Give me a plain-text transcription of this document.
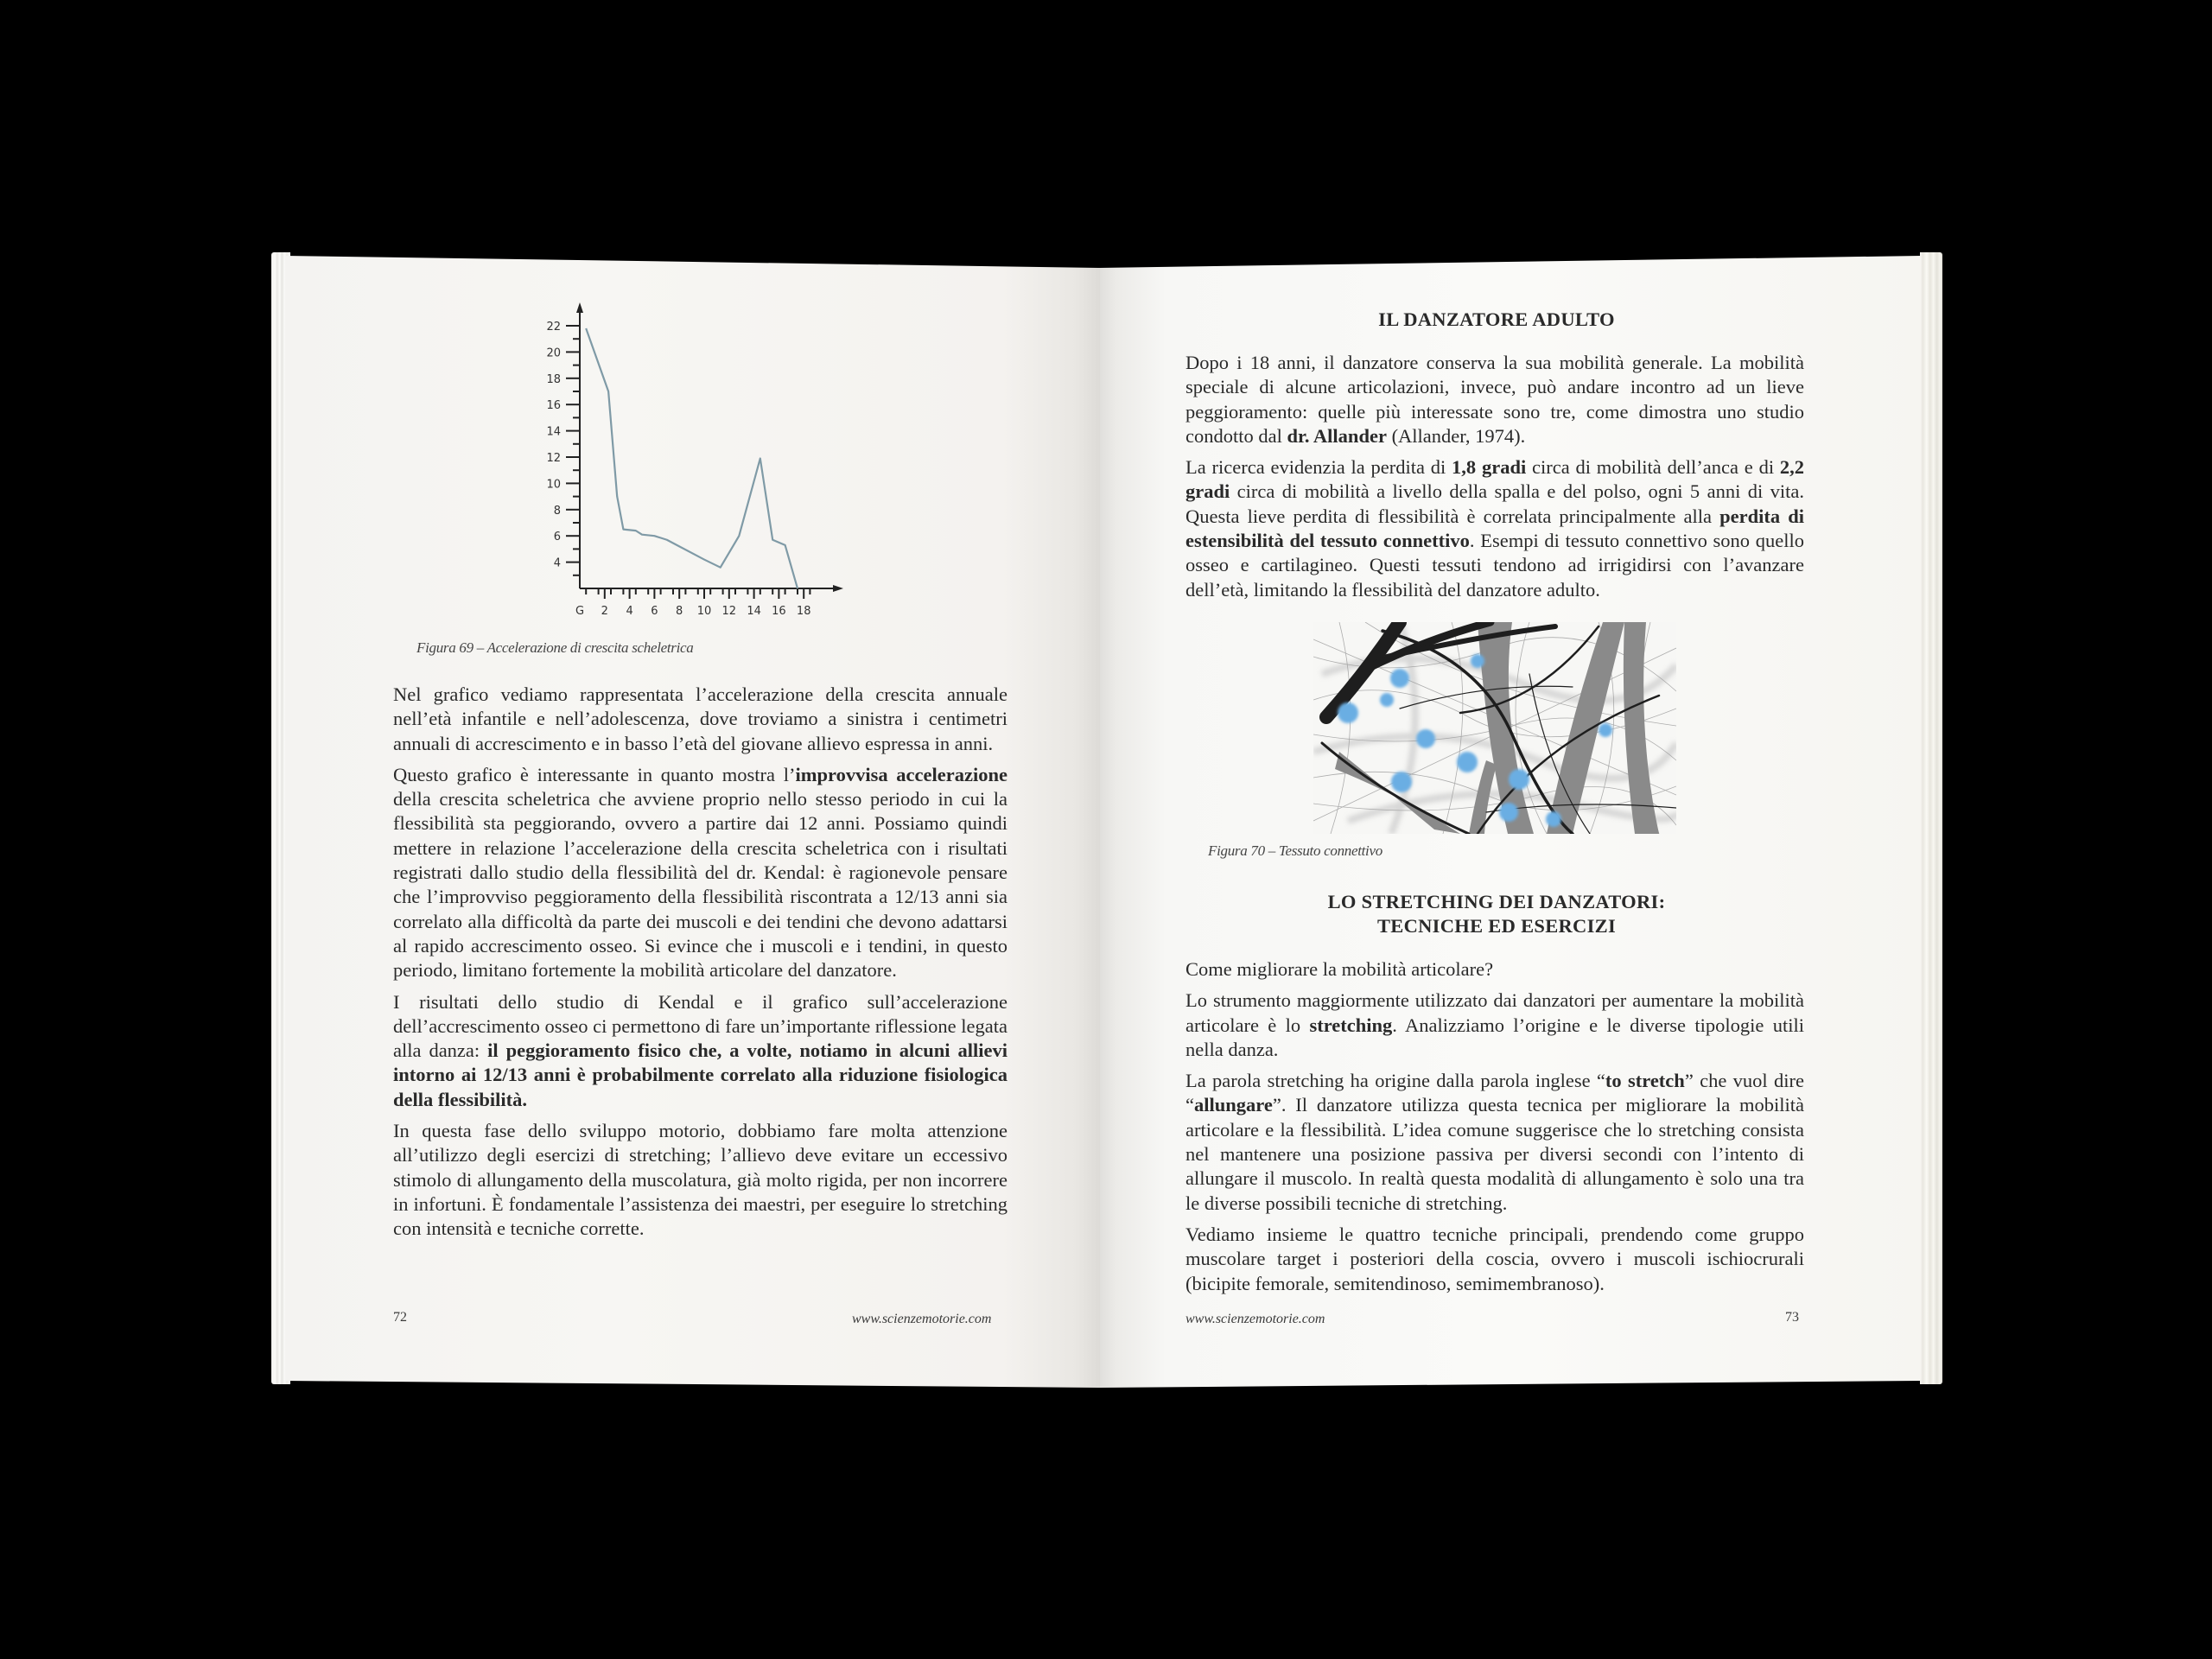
4
6
8
10
12
14
16
18
20
22
G 2 4 6 8 10 12 14 16 18
Figura 69 – Accelerazione di crescita scheletrica

Nel grafico vediamo rappresentata l’accelerazione della crescita annuale nell’età infantile e nell’adolescenza, dove troviamo a sinistra i centimetri annuali di accrescimento e in basso l’età del giovane allievo espressa in anni.

Questo grafico è interessante in quanto mostra l’improvvisa accelerazione della crescita scheletrica che avviene proprio nello stesso periodo in cui la flessibilità sta peggiorando, ovvero a partire dai 12 anni. Possiamo quindi mettere in relazione l’accelerazione della crescita scheletrica con i risultati registrati dallo studio della flessibilità del dr. Kendal: è ragionevole pensare che l’improvviso peggioramento della flessibilità riscontrata a 12/13 anni sia correlato alla difficoltà da parte dei muscoli e dei tendini che devono adattarsi al rapido accrescimento osseo. Si evince che i muscoli e i tendini, in questo periodo, limitano fortemente la mobilità articolare del danzatore.

I risultati dello studio di Kendal e il grafico sull’accelerazione dell’accrescimento osseo ci permettono di fare un’importante riflessione legata alla danza: il peggioramento fisico che, a volte, notiamo in alcuni allievi intorno ai 12/13 anni è probabilmente correlato alla riduzione fisiologica della flessibilità.

In questa fase dello sviluppo motorio, dobbiamo fare molta attenzione all’utilizzo degli esercizi di stretching; l’allievo deve evitare un eccessivo stimolo di allungamento della muscolatura, già molto rigida, per non incorrere in infortuni. È fondamentale l’assistenza dei maestri, per eseguire lo stretching con intensità e tecniche corrette.

72	www.scienzemotorie.com
IL DANZATORE ADULTO

Dopo i 18 anni, il danzatore conserva la sua mobilità generale. La mobilità speciale di alcune articolazioni, invece, può andare incontro ad un lieve peggioramento: quelle più interessate sono tre, come dimostra uno studio condotto dal dr. Allander (Allander, 1974).

La ricerca evidenzia la perdita di 1,8 gradi circa di mobilità dell’anca e di 2,2 gradi circa di mobilità a livello della spalla e del polso, ogni 5 anni di vita. Questa lieve perdita di flessibilità è correlata principalmente alla perdita di estensibilità del tessuto connettivo. Esempi di tessuto connettivo sono quello osseo e cartilagineo. Questi tessuti tendono ad irrigidirsi con l’avanzare dell’età, limitando la flessibilità del danzatore adulto.

Figura 70 – Tessuto connettivo
LO STRETCHING DEI DANZATORI:
TECNICHE ED ESERCIZI

Come migliorare la mobilità articolare?

Lo strumento maggiormente utilizzato dai danzatori per aumentare la mobilità articolare è lo stretching. Analizziamo l’origine e le diverse tipologie utili nella danza.

La parola stretching ha origine dalla parola inglese “to stretch” che vuol dire “allungare”. Il danzatore utilizza questa tecnica per migliorare la mobilità articolare e la flessibilità. L’idea comune suggerisce che lo stretching consista nel mantenere una posizione passiva per diversi secondi con l’intento di allungare il muscolo. In realtà questa modalità di allungamento è solo una tra le diverse possibili tecniche di stretching.

Vediamo insieme le quattro tecniche principali, prendendo come gruppo muscolare target i posteriori della coscia, ovvero i muscoli ischiocrurali (bicipite femorale, semitendinoso, semimembranoso).

www.scienzemotorie.com	73
